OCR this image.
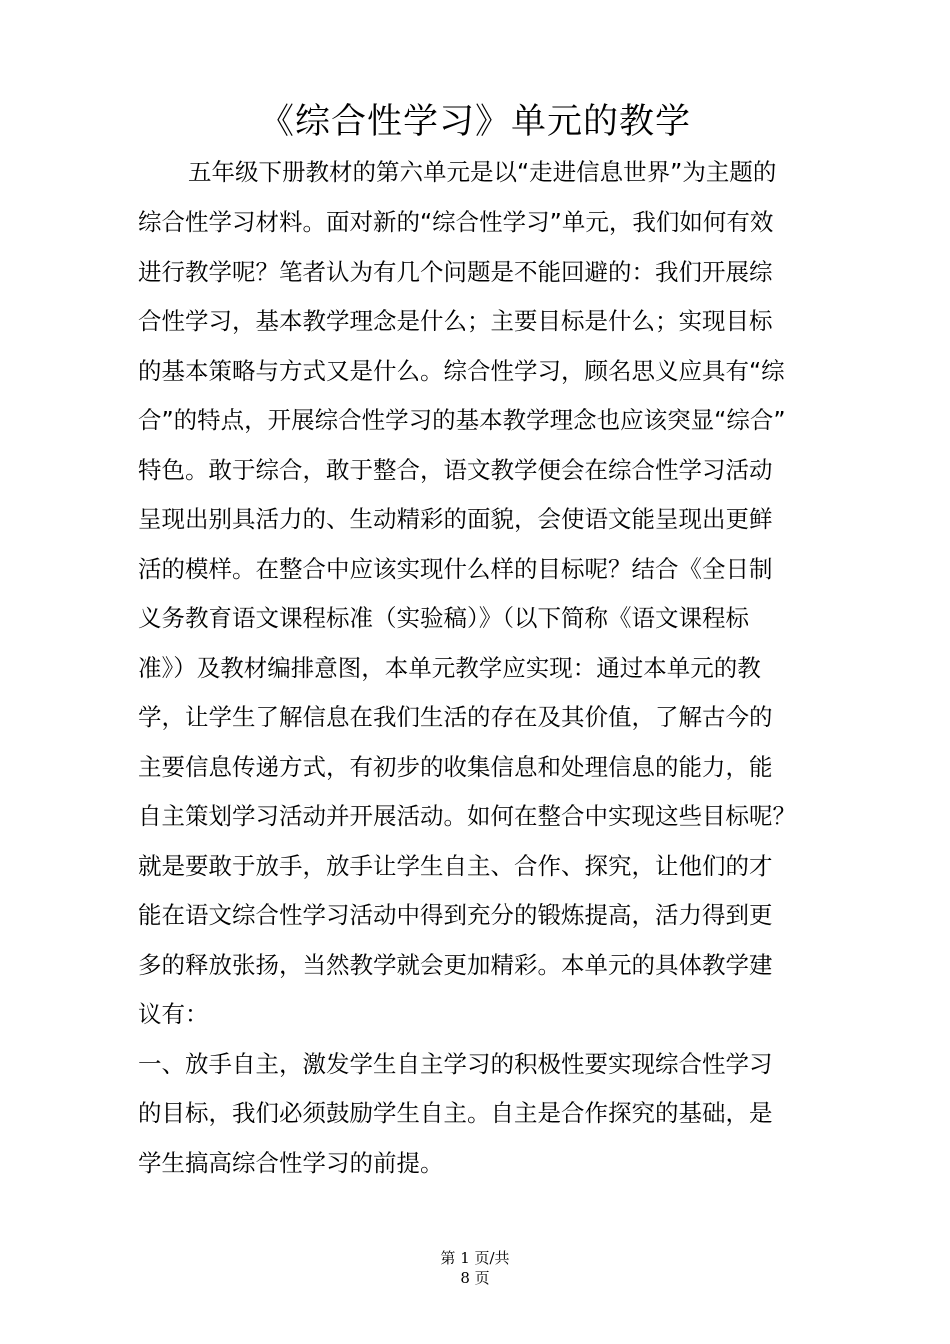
《综合性学习》单元的教学

五年级下册教材的第六单元是以“走进信息世界”为主题的

综合性学习材料。面对新的“综合性学习”单元，我们如何有效

进行教学呢？笔者认为有几个问题是不能回避的：我们开展综

合性学习，基本教学理念是什么；主要目标是什么；实现目标

的基本策略与方式又是什么。综合性学习，顾名思义应具有“综

合”的特点，开展综合性学习的基本教学理念也应该突显“综合”

特色。敢于综合，敢于整合，语文教学便会在综合性学习活动

呈现出别具活力的、生动精彩的面貌，会使语文能呈现出更鲜

活的模样。在整合中应该实现什么样的目标呢？结合《全日制

义务教育语文课程标准（实验稿）》（以下简称《语文课程标

准》）及教材编排意图，本单元教学应实现：通过本单元的教

学，让学生了解信息在我们生活的存在及其价值，了解古今的

主要信息传递方式，有初步的收集信息和处理信息的能力，能

自主策划学习活动并开展活动。如何在整合中实现这些目标呢？

就是要敢于放手，放手让学生自主、合作、探究，让他们的才

能在语文综合性学习活动中得到充分的锻炼提高，活力得到更

多的释放张扬，当然教学就会更加精彩。本单元的具体教学建

议有：

一、放手自主，激发学生自主学习的积极性要实现综合性学习

的目标，我们必须鼓励学生自主。自主是合作探究的基础，是

学生搞高综合性学习的前提。

第 1 页/共

8 页
